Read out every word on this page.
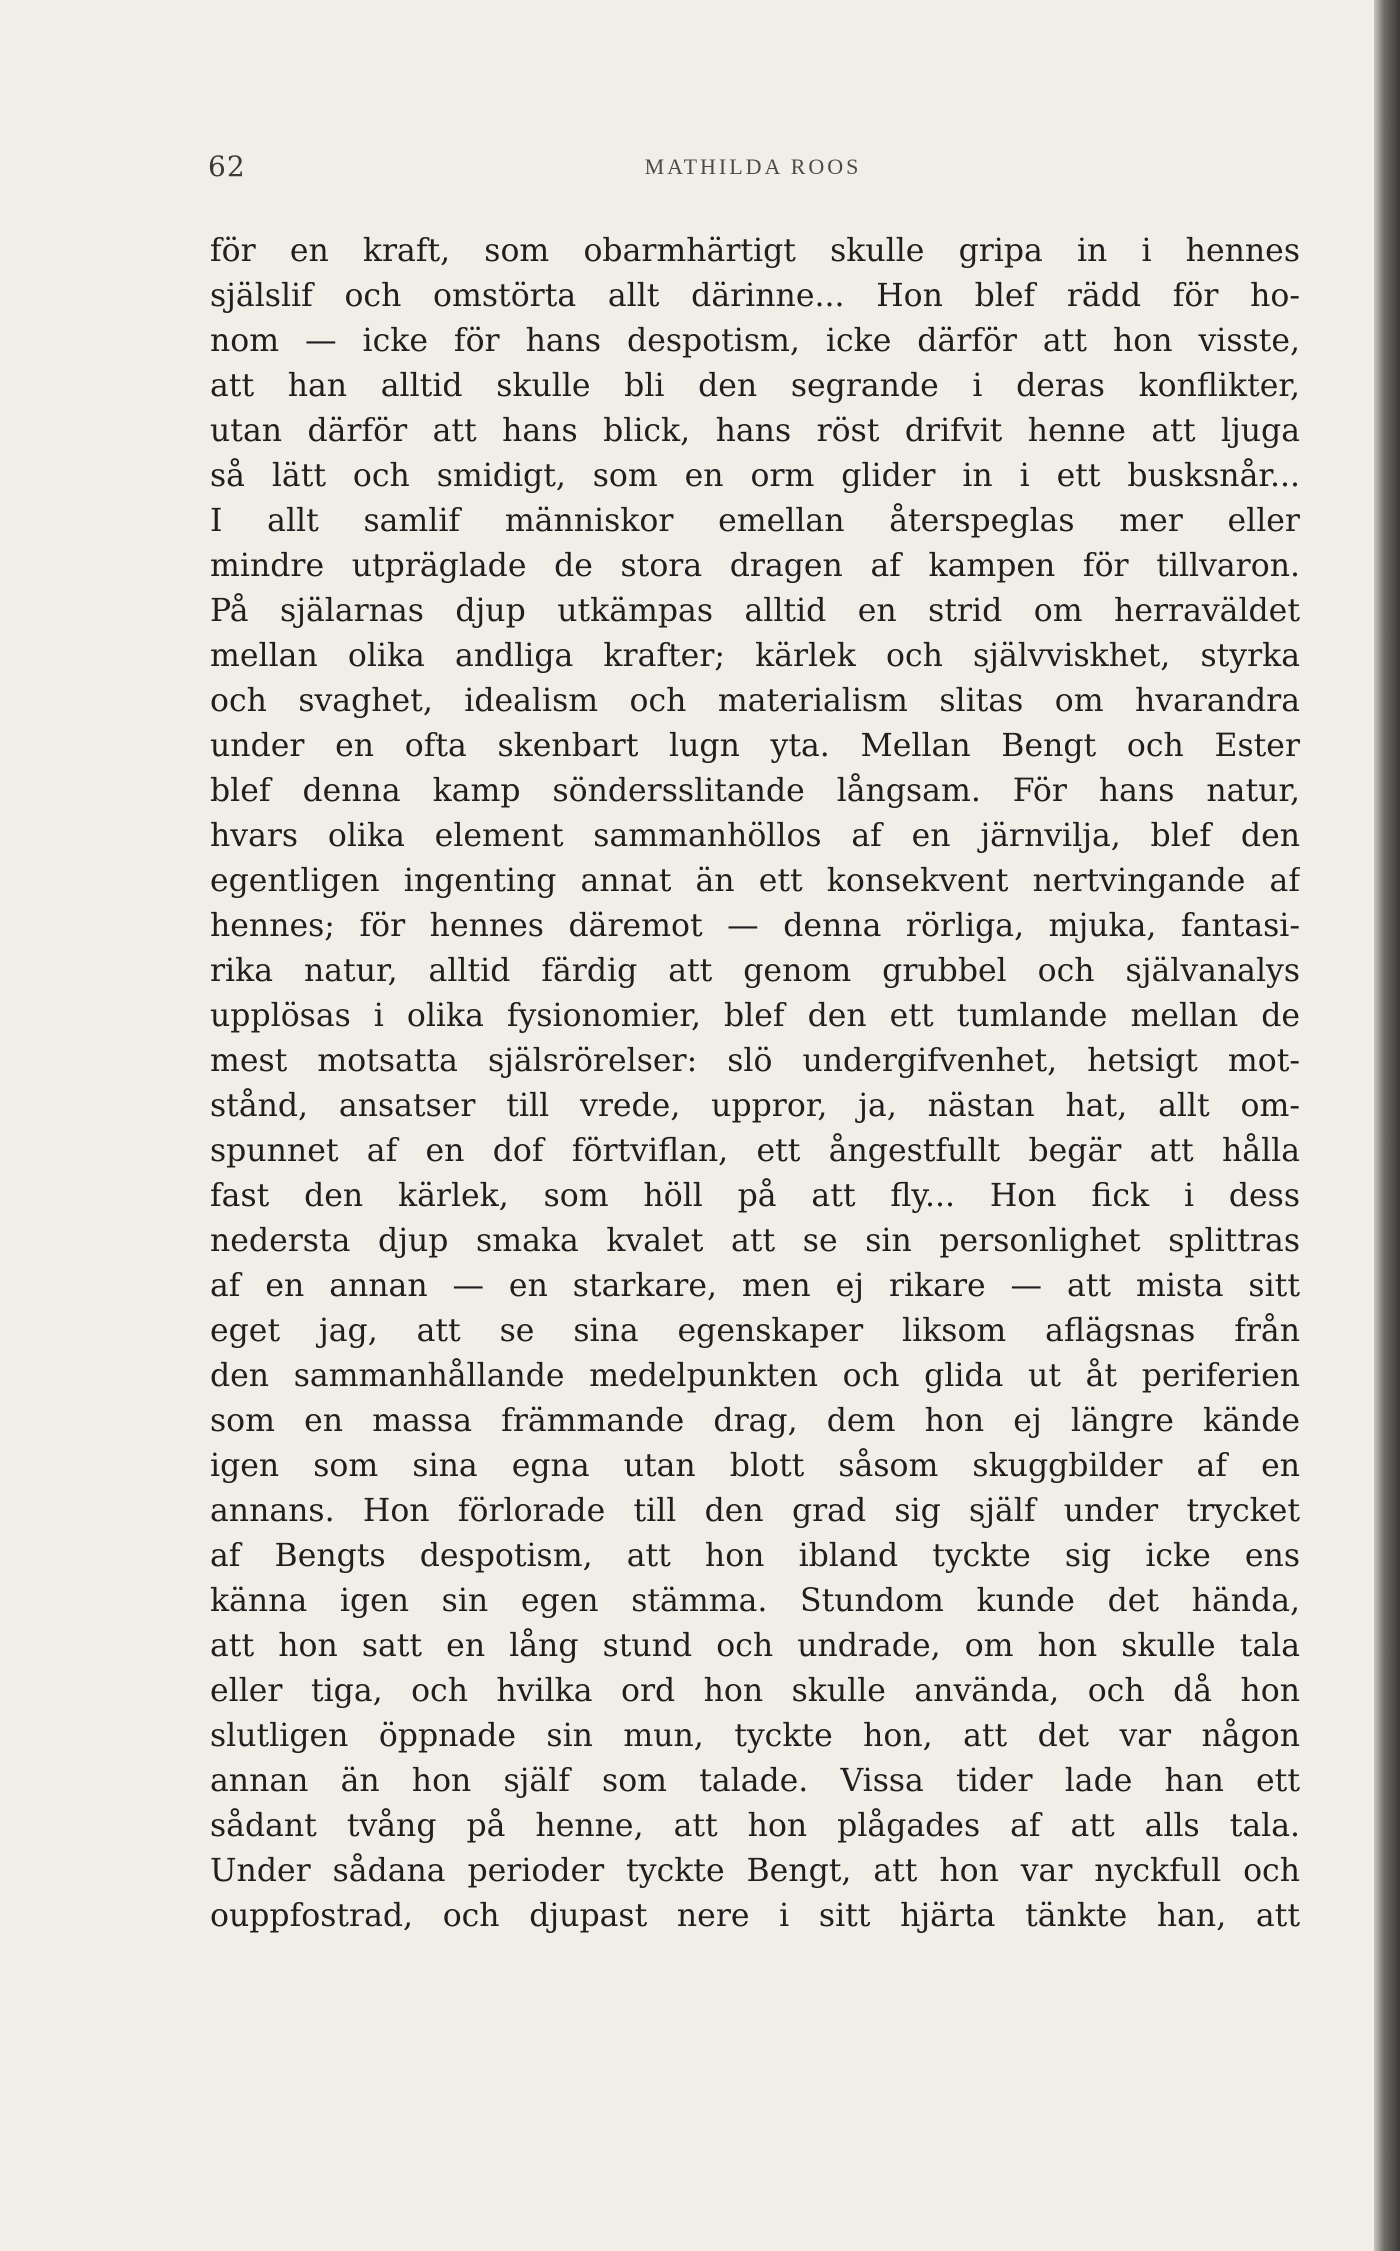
62	MATHILDA ROOS
för en kraft, som obarmhärtigt skulle gripa in i hennes
själslif och omstörta allt därinne... Hon blef rädd för ho-
nom — icke för hans despotism, icke därför att hon visste,
att han alltid skulle bli den segrande i deras konflikter,
utan därför att hans blick, hans röst drifvit henne att ljuga
så lätt och smidigt, som en orm glider in i ett busksnår...
I allt samlif människor emellan återspeglas mer eller
mindre utpräglade de stora dragen af kampen för tillvaron.
På själarnas djup utkämpas alltid en strid om herraväldet
mellan olika andliga krafter; kärlek och självviskhet, styrka
och svaghet, idealism och materialism slitas om hvarandra
under en ofta skenbart lugn yta. Mellan Bengt och Ester
blef denna kamp söndersslitande långsam. För hans natur,
hvars olika element sammanhöllos af en järnvilja, blef den
egentligen ingenting annat än ett konsekvent nertvingande af
hennes; för hennes däremot — denna rörliga, mjuka, fantasi-
rika natur, alltid färdig att genom grubbel och självanalys
upplösas i olika fysionomier, blef den ett tumlande mellan de
mest motsatta själsrörelser: slö undergifvenhet, hetsigt mot-
stånd, ansatser till vrede, uppror, ja, nästan hat, allt om-
spunnet af en dof förtviflan, ett ångestfullt begär att hålla
fast den kärlek, som höll på att fly... Hon fick i dess
nedersta djup smaka kvalet att se sin personlighet splittras
af en annan — en starkare, men ej rikare — att mista sitt
eget jag, att se sina egenskaper liksom aflägsnas från
den sammanhållande medelpunkten och glida ut åt periferien
som en massa främmande drag, dem hon ej längre kände
igen som sina egna utan blott såsom skuggbilder af en
annans. Hon förlorade till den grad sig själf under trycket
af Bengts despotism, att hon ibland tyckte sig icke ens
känna igen sin egen stämma. Stundom kunde det hända,
att hon satt en lång stund och undrade, om hon skulle tala
eller tiga, och hvilka ord hon skulle använda, och då hon
slutligen öppnade sin mun, tyckte hon, att det var någon
annan än hon själf som talade. Vissa tider lade han ett
sådant tvång på henne, att hon plågades af att alls tala.
Under sådana perioder tyckte Bengt, att hon var nyckfull och
ouppfostrad, och djupast nere i sitt hjärta tänkte han, att
